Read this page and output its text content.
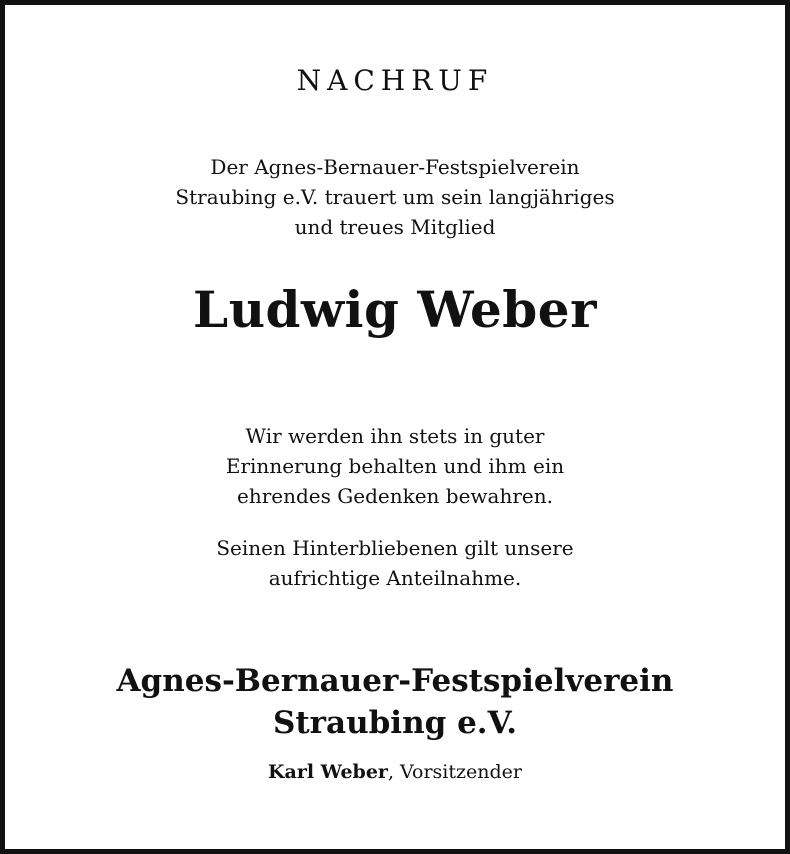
NACHRUF
Der Agnes-Bernauer-Festspielverein
Straubing e.V. trauert um sein langjähriges
und treues Mitglied
Ludwig Weber
Wir werden ihn stets in guter
Erinnerung behalten und ihm ein
ehrendes Gedenken bewahren.
Seinen Hinterbliebenen gilt unsere
aufrichtige Anteilnahme.
Agnes-Bernauer-Festspielverein
Straubing e.V.
Karl Weber, Vorsitzender
